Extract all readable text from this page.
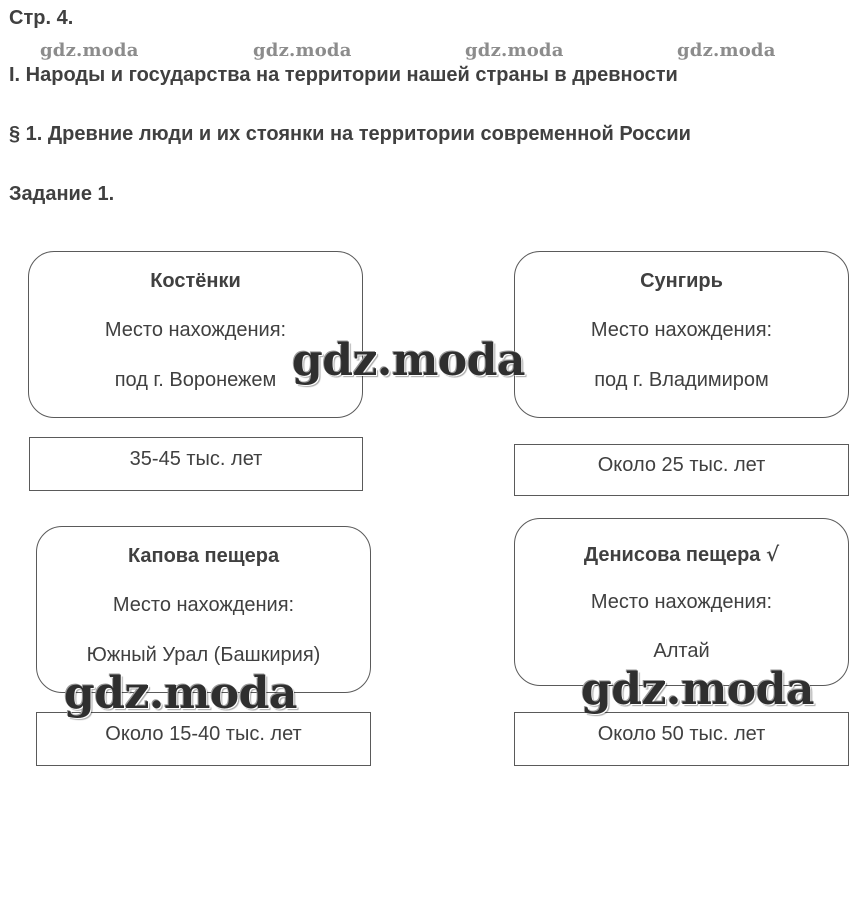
Стр. 4.
gdz.moda	gdz.moda	gdz.moda	gdz.moda
I. Народы и государства на территории нашей страны в древности
§ 1. Древние люди и их стоянки на территории современной России
Задание 1.
Костёнки
Место нахождения:
под г. Воронежем
35-45 тыс. лет
Сунгирь
Место нахождения:
под г. Владимиром
Около 25 тыс. лет
Капова пещера
Место нахождения:
Южный Урал (Башкирия)
Около 15-40 тыс. лет
Денисова пещера √
Место нахождения:
Алтай
Около 50 тыс. лет
gdz.moda
gdz.moda	gdz.moda
